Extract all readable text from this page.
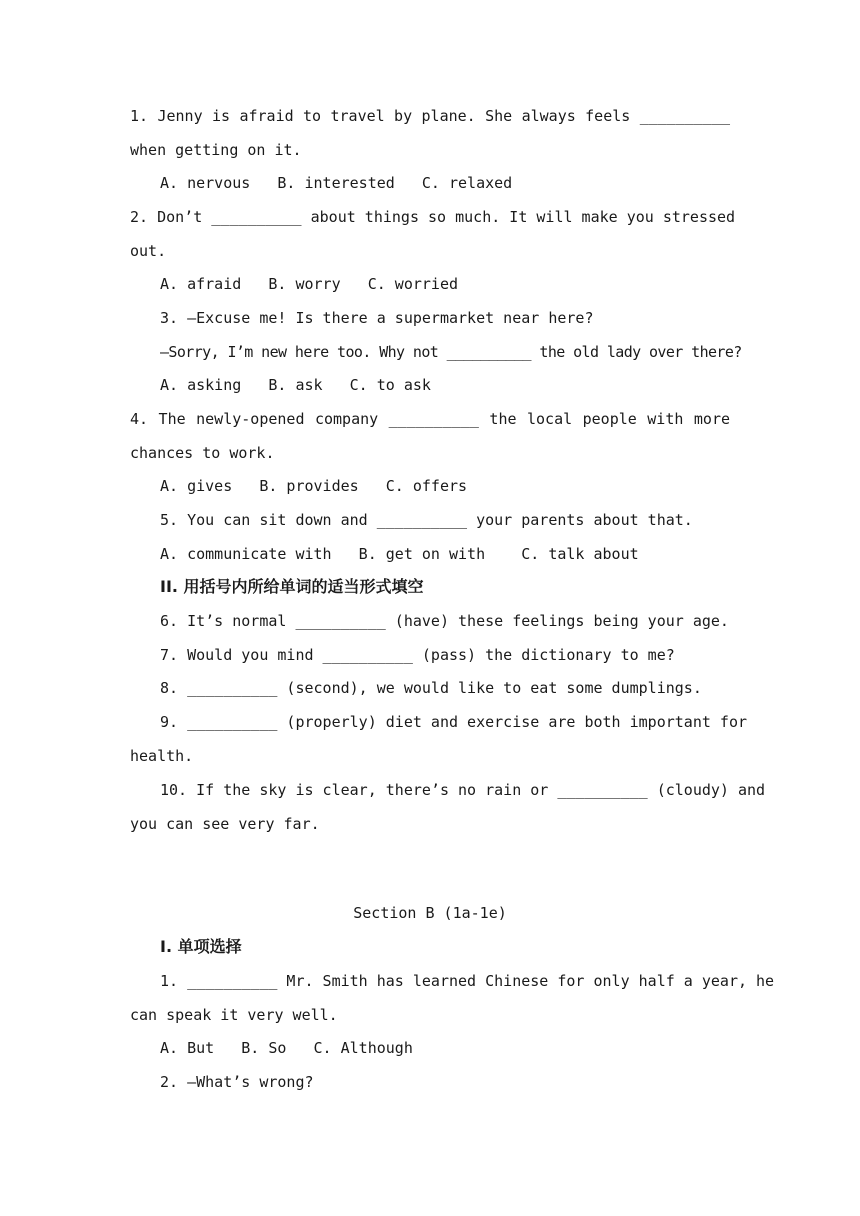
1. Jenny is afraid to travel by plane. She always feels __________
when getting on it.
A. nervous   B. interested   C. relaxed
2. Don’t __________ about things so much. It will make you stressed
out.
A. afraid   B. worry   C. worried
3. —Excuse me! Is there a supermarket near here?
—Sorry, I’m new here too. Why not __________ the old lady over there?
A. asking   B. ask   C. to ask
4. The newly-opened company __________ the local people with more
chances to work.
A. gives   B. provides   C. offers
5. You can sit down and __________ your parents about that.
A. communicate with   B. get on with    C. talk about
II. 用括号内所给单词的适当形式填空
6. It’s normal __________ (have) these feelings being your age.
7. Would you mind __________ (pass) the dictionary to me?
8. __________ (second), we would like to eat some dumplings.
9. __________ (properly) diet and exercise are both important for
health.
10. If the sky is clear, there’s no rain or __________ (cloudy) and
you can see very far.
Section B (1a-1e)
I. 单项选择
1. __________ Mr. Smith has learned Chinese for only half a year, he
can speak it very well.
A. But   B. So   C. Although
2. —What’s wrong?
